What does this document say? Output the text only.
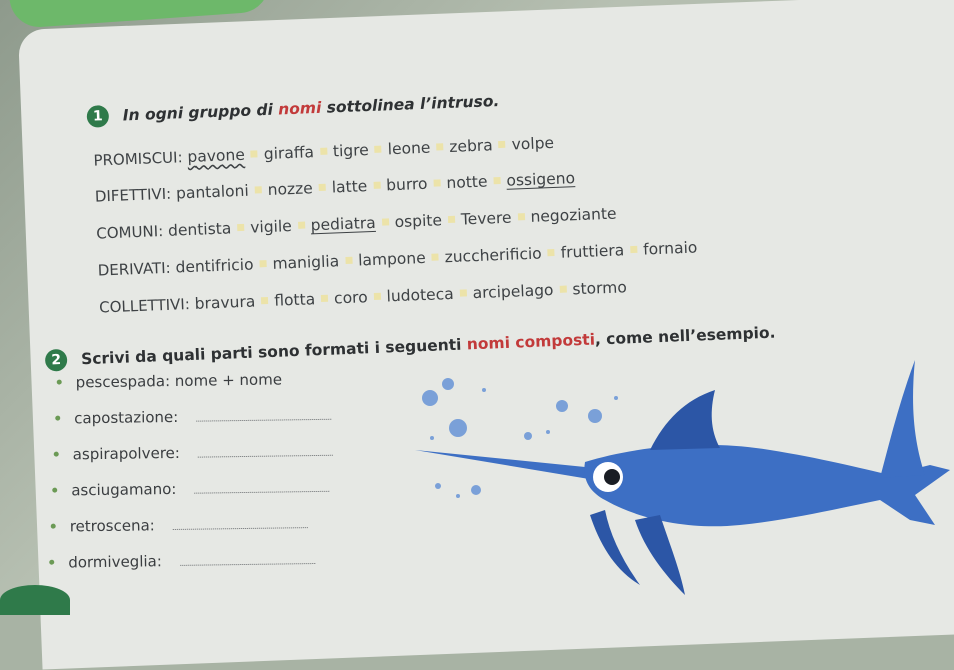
1	In ogni gruppo di nomi sottolinea l’intruso.
PROMISCUI: pavone giraffa tigre leone zebra volpe
DIFETTIVI: pantaloni nozze latte burro notte ossigeno
COMUNI: dentista vigile pediatra ospite Tevere negoziante
DERIVATI: dentifricio maniglia lampone zuccherificio fruttiera fornaio
COLLETTIVI: bravura flotta coro ludoteca arcipelago stormo
2	Scrivi da quali parti sono formati i seguenti nomi composti, come nell’esempio.
pescespada:
nome + nome
capostazione:
aspirapolvere:
asciugamano:
retroscena:
dormiveglia:
